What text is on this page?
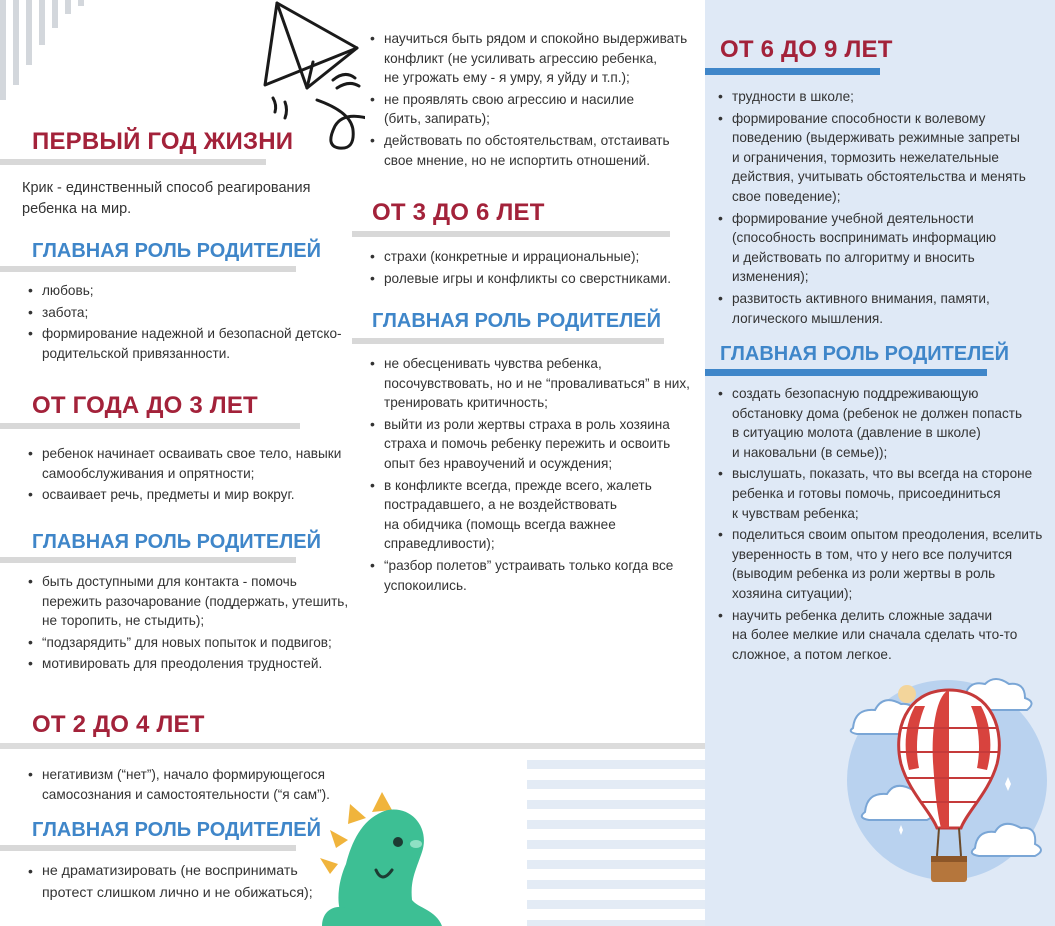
ПЕРВЫЙ ГОД ЖИЗНИ
Крик - единственный способ реагирования
ребенка на мир.
ГЛАВНАЯ РОЛЬ РОДИТЕЛЕЙ
• любовь;
• забота;
• формирование надежной и безопасной детско-
родительской привязанности.
ОТ ГОДА ДО 3 ЛЕТ
• ребенок начинает осваивать свое тело, навыки
самообслуживания и опрятности;
• осваивает речь, предметы и мир вокруг.
ГЛАВНАЯ РОЛЬ РОДИТЕЛЕЙ
• быть доступными для контакта - помочь
пережить разочарование (поддержать, утешить,
не торопить, не стыдить);
• “подзарядить” для новых попыток и подвигов;
• мотивировать для преодоления трудностей.
ОТ 2 ДО 4 ЛЕТ
• негативизм (“нет”), начало формирующегося
самосознания и самостоятельности (“я сам”).
ГЛАВНАЯ РОЛЬ РОДИТЕЛЕЙ
• не драматизировать (не воспринимать
протест слишком лично и не обижаться);
• научиться быть рядом и спокойно выдерживать
конфликт (не усиливать агрессию ребенка,
не угрожать ему - я умру, я уйду и т.п.);
• не проявлять свою агрессию и насилие
(бить, запирать);
• действовать по обстоятельствам, отстаивать
свое мнение, но не испортить отношений.
ОТ 3 ДО 6 ЛЕТ
• страхи (конкретные и иррациональные);
• ролевые игры и конфликты со сверстниками.
ГЛАВНАЯ РОЛЬ РОДИТЕЛЕЙ
• не обесценивать чувства ребенка,
посочувствовать, но и не “проваливаться” в них,
тренировать критичность;
• выйти из роли жертвы страха в роль хозяина
страха и помочь ребенку пережить и освоить
опыт без нравоучений и осуждения;
• в конфликте всегда, прежде всего, жалеть
пострадавшего, а не воздействовать
на обидчика (помощь всегда важнее
справедливости);
• “разбор полетов” устраивать только когда все
успокоились.
ОТ 6 ДО 9 ЛЕТ
• трудности в школе;
• формирование способности к волевому
поведению (выдерживать режимные запреты
и ограничения, тормозить нежелательные
действия, учитывать обстоятельства и менять
свое поведение);
• формирование учебной деятельности
(способность воспринимать информацию
и действовать по алгоритму и вносить
изменения);
• развитость активного внимания, памяти,
логического мышления.
ГЛАВНАЯ РОЛЬ РОДИТЕЛЕЙ
• создать безопасную поддреживающую
обстановку дома (ребенок не должен попасть
в ситуацию молота (давление в школе)
и наковальни (в семье));
• выслушать, показать, что вы всегда на стороне
ребенка и готовы помочь, присоединиться
к чувствам ребенка;
• поделиться своим опытом преодоления, вселить
уверенность в том, что у него все получится
(выводим ребенка из роли жертвы в роль
хозяина ситуации);
• научить ребенка делить сложные задачи
на более мелкие или сначала сделать что-то
сложное, а потом легкое.
